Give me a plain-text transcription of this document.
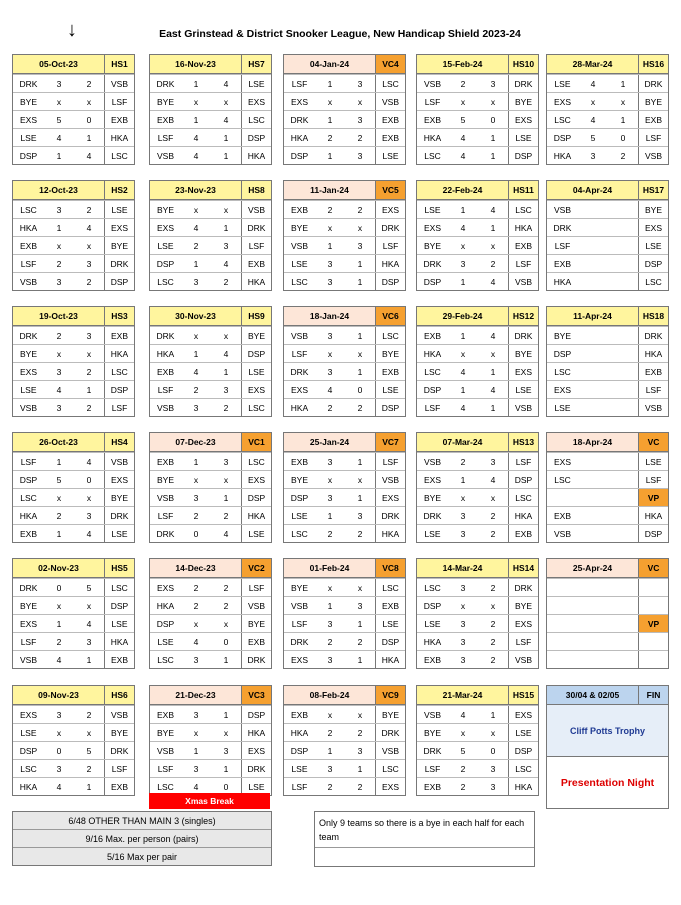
↓	East Grinstead & District Snooker League, New Handicap Shield 2023-24
05-Oct-23	HS1
DRK	3	2	VSB
BYE	x	x	LSF
EXS	5	0	EXB
LSE	4	1	HKA
DSP	1	4	LSC
12-Oct-23	HS2
LSC	3	2	LSE
HKA	1	4	EXS
EXB	x	x	BYE
LSF	2	3	DRK
VSB	3	2	DSP
19-Oct-23	HS3
DRK	2	3	EXB
BYE	x	x	HKA
EXS	3	2	LSC
LSE	4	1	DSP
VSB	3	2	LSF
26-Oct-23	HS4
LSF	1	4	VSB
DSP	5	0	EXS
LSC	x	x	BYE
HKA	2	3	DRK
EXB	1	4	LSE
02-Nov-23	HS5
DRK	0	5	LSC
BYE	x	x	DSP
EXS	1	4	LSE
LSF	2	3	HKA
VSB	4	1	EXB
09-Nov-23	HS6
EXS	3	2	VSB
LSE	x	x	BYE
DSP	0	5	DRK
LSC	3	2	LSF
HKA	4	1	EXB
16-Nov-23	HS7
DRK	1	4	LSE
BYE	x	x	EXS
EXB	1	4	LSC
LSF	4	1	DSP
VSB	4	1	HKA
23-Nov-23	HS8
BYE	x	x	VSB
EXS	4	1	DRK
LSE	2	3	LSF
DSP	1	4	EXB
LSC	3	2	HKA
30-Nov-23	HS9
DRK	x	x	BYE
HKA	1	4	DSP
EXB	4	1	LSE
LSF	2	3	EXS
VSB	3	2	LSC
07-Dec-23	VC1
EXB	1	3	LSC
BYE	x	x	EXS
VSB	3	1	DSP
LSF	2	2	HKA
DRK	0	4	LSE
14-Dec-23	VC2
EXS	2	2	LSF
HKA	2	2	VSB
DSP	x	x	BYE
LSE	4	0	EXB
LSC	3	1	DRK
21-Dec-23	VC3
EXB	3	1	DSP
BYE	x	x	HKA
VSB	1	3	EXS
LSF	3	1	DRK
LSC	4	0	LSE
04-Jan-24	VC4
LSF	1	3	LSC
EXS	x	x	VSB
DRK	1	3	EXB
HKA	2	2	EXB
DSP	1	3	LSE
11-Jan-24	VC5
EXB	2	2	EXS
BYE	x	x	DRK
VSB	1	3	LSF
LSE	3	1	HKA
LSC	3	1	DSP
18-Jan-24	VC6
VSB	3	1	LSC
LSF	x	x	BYE
DRK	3	1	EXB
EXS	4	0	LSE
HKA	2	2	DSP
25-Jan-24	VC7
EXB	3	1	LSF
BYE	x	x	VSB
DSP	3	1	EXS
LSE	1	3	DRK
LSC	2	2	HKA
01-Feb-24	VC8
BYE	x	x	LSC
VSB	1	3	EXB
LSF	3	1	LSE
DRK	2	2	DSP
EXS	3	1	HKA
08-Feb-24	VC9
EXB	x	x	BYE
HKA	2	2	DRK
DSP	1	3	VSB
LSE	3	1	LSC
LSF	2	2	EXS
15-Feb-24	HS10
VSB	2	3	DRK
LSF	x	x	BYE
EXB	5	0	EXS
HKA	4	1	LSE
LSC	4	1	DSP
22-Feb-24	HS11
LSE	1	4	LSC
EXS	4	1	HKA
BYE	x	x	EXB
DRK	3	2	LSF
DSP	1	4	VSB
29-Feb-24	HS12
EXB	1	4	DRK
HKA	x	x	BYE
LSC	4	1	EXS
DSP	1	4	LSE
LSF	4	1	VSB
07-Mar-24	HS13
VSB	2	3	LSF
EXS	1	4	DSP
BYE	x	x	LSC
DRK	3	2	HKA
LSE	3	2	EXB
14-Mar-24	HS14
LSC	3	2	DRK
DSP	x	x	BYE
LSE	3	2	EXS
HKA	3	2	LSF
EXB	3	2	VSB
21-Mar-24	HS15
VSB	4	1	EXS
BYE	x	x	LSE
DRK	5	0	DSP
LSF	2	3	LSC
EXB	2	3	HKA
28-Mar-24	HS16
LSE	4	1	DRK
EXS	x	x	BYE
LSC	4	1	EXB
DSP	5	0	LSF
HKA	3	2	VSB
04-Apr-24	HS17
VSB	BYE
DRK	EXS
LSF	LSE
EXB	DSP
HKA	LSC
11-Apr-24	HS18
BYE	DRK
DSP	HKA
LSC	EXB
EXS	LSF
LSE	VSB
18-Apr-24	VC
EXS	LSE
LSC	LSF
VP
EXB	HKA
VSB	DSP
25-Apr-24	VC
VP
30/04 & 02/05	FIN
Cliff Potts Trophy
Presentation Night
Xmas Break
6/48 OTHER THAN MAIN 3 (singles)
9/16 Max. per person (pairs)
5/16 Max per pair
Only 9 teams so there is a bye in each half for each team
